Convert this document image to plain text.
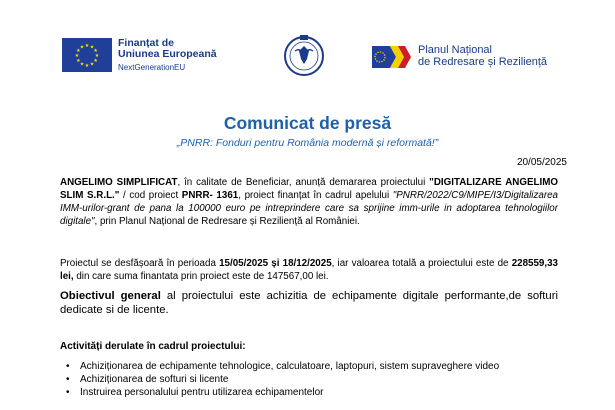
★ ★
★
★
★
★
★
★
★
★
★
★	Finanțat de
Uniunea Europeană
NextGenerationEU
Planul Național
de Redresare și Reziliență
Comunicat de presă
„PNRR: Fonduri pentru România modernă și reformată!”
20/05/2025
ANGELIMO SIMPLIFICAT, în calitate de Beneficiar, anunță demararea proiectului "DIGITALIZARE ANGELIMO SLIM S.R.L." / cod proiect PNRR- 1361, proiect finanțat în cadrul apelului "PNRR/2022/C9/MIPE/I3/Digitalizarea IMM-urilor-grant de pana la 100000 euro pe intreprindere care sa sprijine imm-urile in adoptarea tehnologiilor digitale", prin Planul Național de Redresare și Reziliență al României.
Proiectul se desfășoară în perioada 15/05/2025 și 18/12/2025, iar valoarea totală a proiectului este de 228559,33 lei, din care suma finantata prin proiect este de 147567,00 lei.
Obiectivul general al proiectului este achizitia de echipamente digitale performante,de softuri dedicate si de licente.
Activități derulate în cadrul proiectului:
• Achiziționarea de echipamente tehnologice, calculatoare, laptopuri, sistem supraveghere video
• Achiziționarea de softuri si licente
• Instruirea personalului pentru utilizarea echipamentelor
